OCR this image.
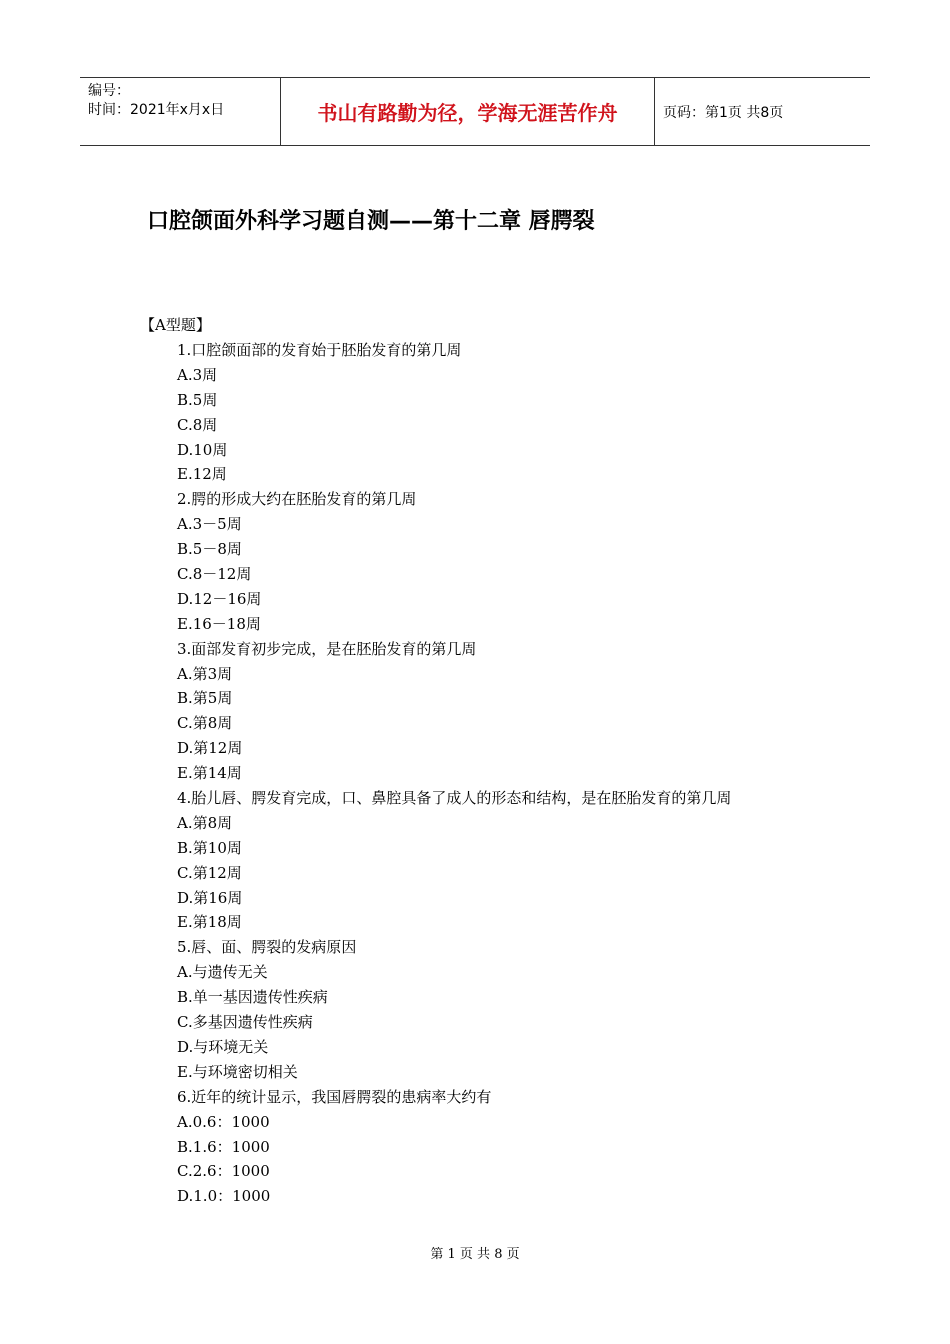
编号：
时间：2021年x月x日	书山有路勤为径，学海无涯苦作舟	页码：第1页 共8页
口腔颌面外科学习题自测——第十二章 唇腭裂
【A型题】
1.口腔颌面部的发育始于胚胎发育的第几周
A.3周
B.5周
C.8周
D.10周
E.12周
2.腭的形成大约在胚胎发育的第几周
A.3－5周
B.5－8周
C.8－12周
D.12－16周
E.16－18周
3.面部发育初步完成，是在胚胎发育的第几周
A.第3周
B.第5周
C.第8周
D.第12周
E.第14周
4.胎儿唇、腭发育完成，口、鼻腔具备了成人的形态和结构，是在胚胎发育的第几周
A.第8周
B.第10周
C.第12周
D.第16周
E.第18周
5.唇、面、腭裂的发病原因
A.与遗传无关
B.单一基因遗传性疾病
C.多基因遗传性疾病
D.与环境无关
E.与环境密切相关
6.近年的统计显示，我国唇腭裂的患病率大约有
A.0.6：1000
B.1.6：1000
C.2.6：1000
D.1.0：1000
第 1 页 共 8 页
